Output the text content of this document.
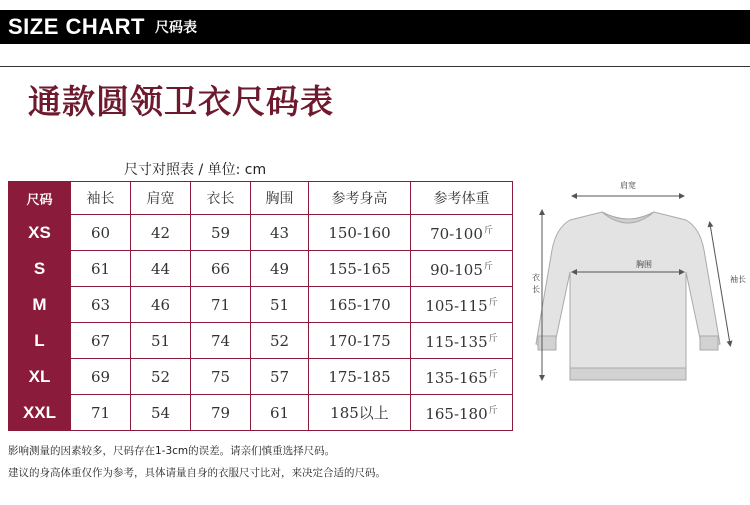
SIZE CHART 尺码表
通款圆领卫衣尺码表
尺寸对照表 / 单位: cm
尺码	袖长	肩宽	衣长	胸围	参考身高	参考体重
XS	60	42	59	43	150-160	$70-100^斤$
S	61	44	66	49	155-165	$90-105^斤$
M	63	46	71	51	165-170	$105-115^斤$
L	67	51	74	52	170-175	$115-135^斤$
XL	69	52	75	57	175-185	$135-165^斤$
XXL	71	54	79	61	185以上	$165-180^斤$
肩宽
胸围
衣
长
袖长
影响测量的因素较多，尺码存在1-3cm的误差。请亲们慎重选择尺码。
建议的身高体重仅作为参考，具体请量自身的衣服尺寸比对，来决定合适的尺码。
